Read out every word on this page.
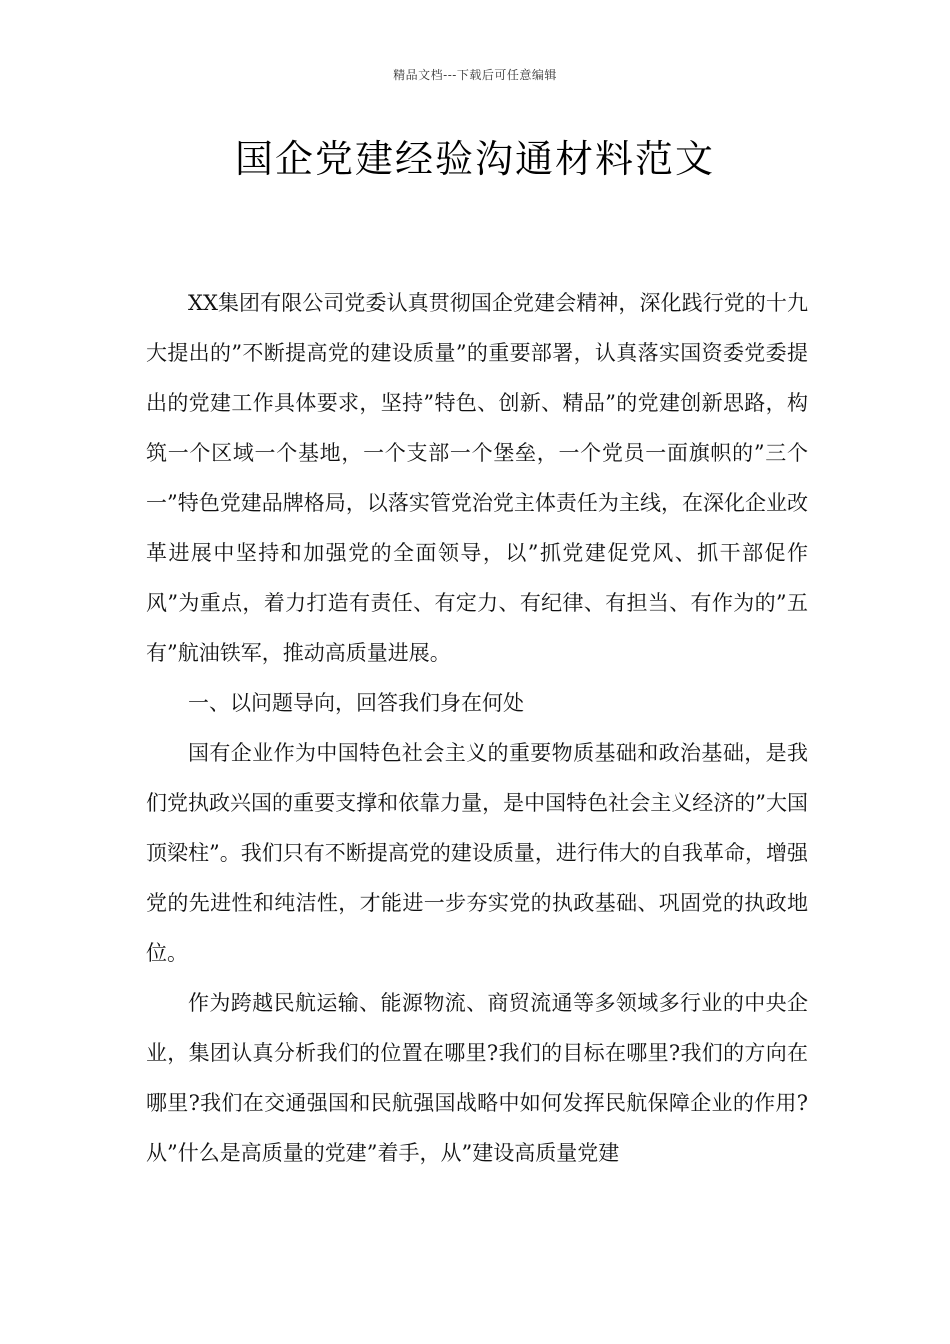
精品文档---下载后可任意编辑
国企党建经验沟通材料范文

XX集团有限公司党委认真贯彻国企党建会精神，深化践行党的十九大提出的”不断提高党的建设质量”的重要部署，认真落实国资委党委提出的党建工作具体要求，坚持”特色、创新、精品”的党建创新思路，构筑一个区域一个基地，一个支部一个堡垒，一个党员一面旗帜的”三个一”特色党建品牌格局，以落实管党治党主体责任为主线，在深化企业改革进展中坚持和加强党的全面领导，以”抓党建促党风、抓干部促作风”为重点，着力打造有责任、有定力、有纪律、有担当、有作为的”五有”航油铁军，推动高质量进展。

一、以问题导向，回答我们身在何处

国有企业作为中国特色社会主义的重要物质基础和政治基础，是我们党执政兴国的重要支撑和依靠力量，是中国特色社会主义经济的”大国顶梁柱”。我们只有不断提高党的建设质量，进行伟大的自我革命，增强党的先进性和纯洁性，才能进一步夯实党的执政基础、巩固党的执政地位。

作为跨越民航运输、能源物流、商贸流通等多领域多行业的中央企业，集团认真分析我们的位置在哪里?我们的目标在哪里?我们的方向在哪里?我们在交通强国和民航强国战略中如何发挥民航保障企业的作用?从”什么是高质量的党建”着手，从”建设高质量党建
